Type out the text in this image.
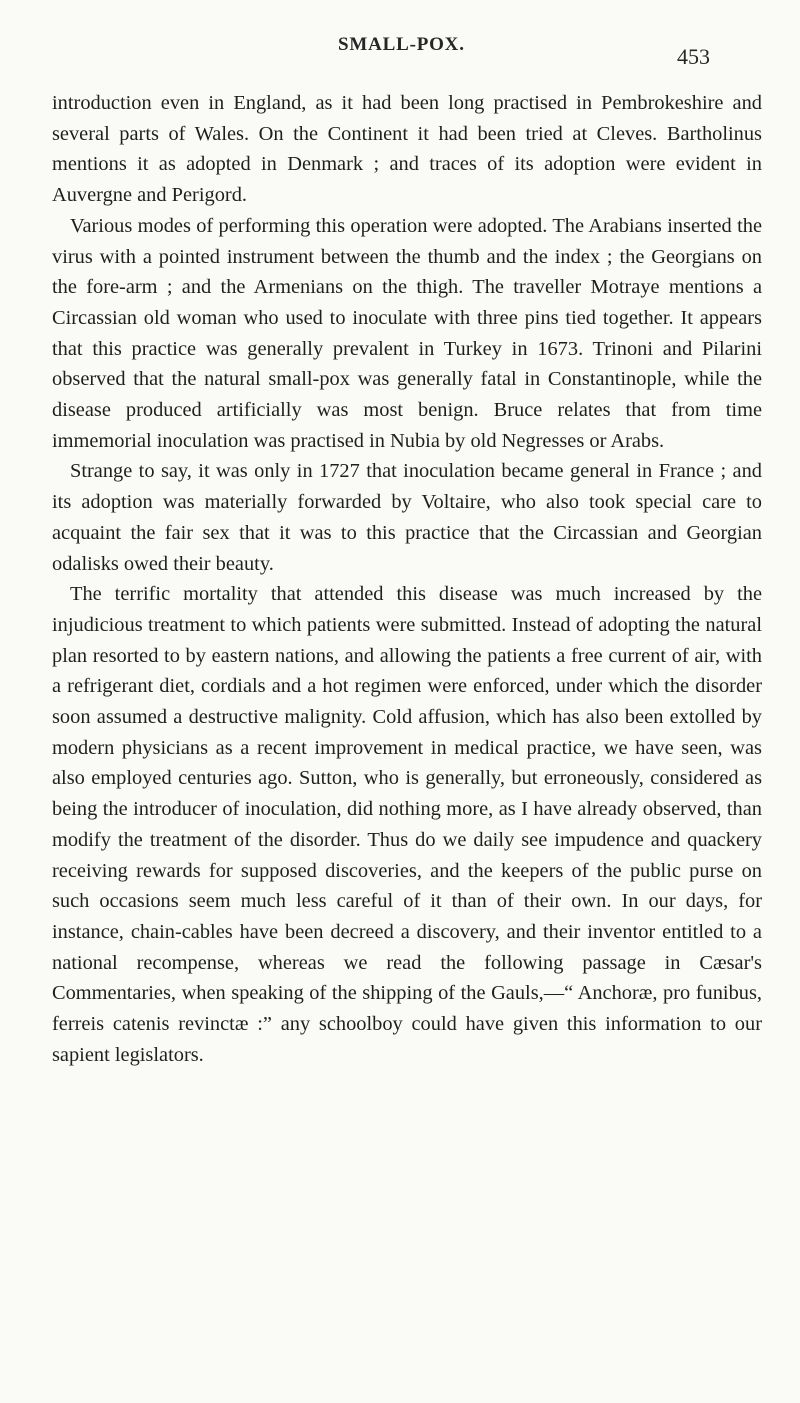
SMALL-POX.	453

introduction even in England, as it had been long practised in Pembrokeshire and several parts of Wales. On the Continent it had been tried at Cleves. Bartholinus mentions it as adopted in Denmark ; and traces of its adoption were evident in Auvergne and Perigord.

Various modes of performing this operation were adopted. The Arabians inserted the virus with a pointed instrument between the thumb and the index ; the Georgians on the fore-arm ; and the Armenians on the thigh. The traveller Motraye mentions a Circassian old woman who used to inoculate with three pins tied together. It appears that this practice was generally prevalent in Turkey in 1673. Trinoni and Pilarini observed that the natural small-pox was generally fatal in Constantinople, while the disease produced artificially was most benign. Bruce relates that from time immemorial inoculation was practised in Nubia by old Negresses or Arabs.

Strange to say, it was only in 1727 that inoculation became general in France ; and its adoption was materially forwarded by Voltaire, who also took special care to acquaint the fair sex that it was to this practice that the Circassian and Georgian odalisks owed their beauty.

The terrific mortality that attended this disease was much increased by the injudicious treatment to which patients were submitted. Instead of adopting the natural plan resorted to by eastern nations, and allowing the patients a free current of air, with a refrigerant diet, cordials and a hot regimen were enforced, under which the disorder soon assumed a destructive malignity. Cold affusion, which has also been extolled by modern physicians as a recent improvement in medical practice, we have seen, was also employed centuries ago. Sutton, who is generally, but erroneously, considered as being the introducer of inoculation, did nothing more, as I have already observed, than modify the treatment of the disorder. Thus do we daily see impudence and quackery receiving rewards for supposed discoveries, and the keepers of the public purse on such occasions seem much less careful of it than of their own. In our days, for instance, chain-cables have been decreed a discovery, and their inventor entitled to a national recompense, whereas we read the following passage in Cæsar's Commentaries, when speaking of the shipping of the Gauls,—“ Anchoræ, pro funibus, ferreis catenis revinctæ :” any schoolboy could have given this information to our sapient legislators.
